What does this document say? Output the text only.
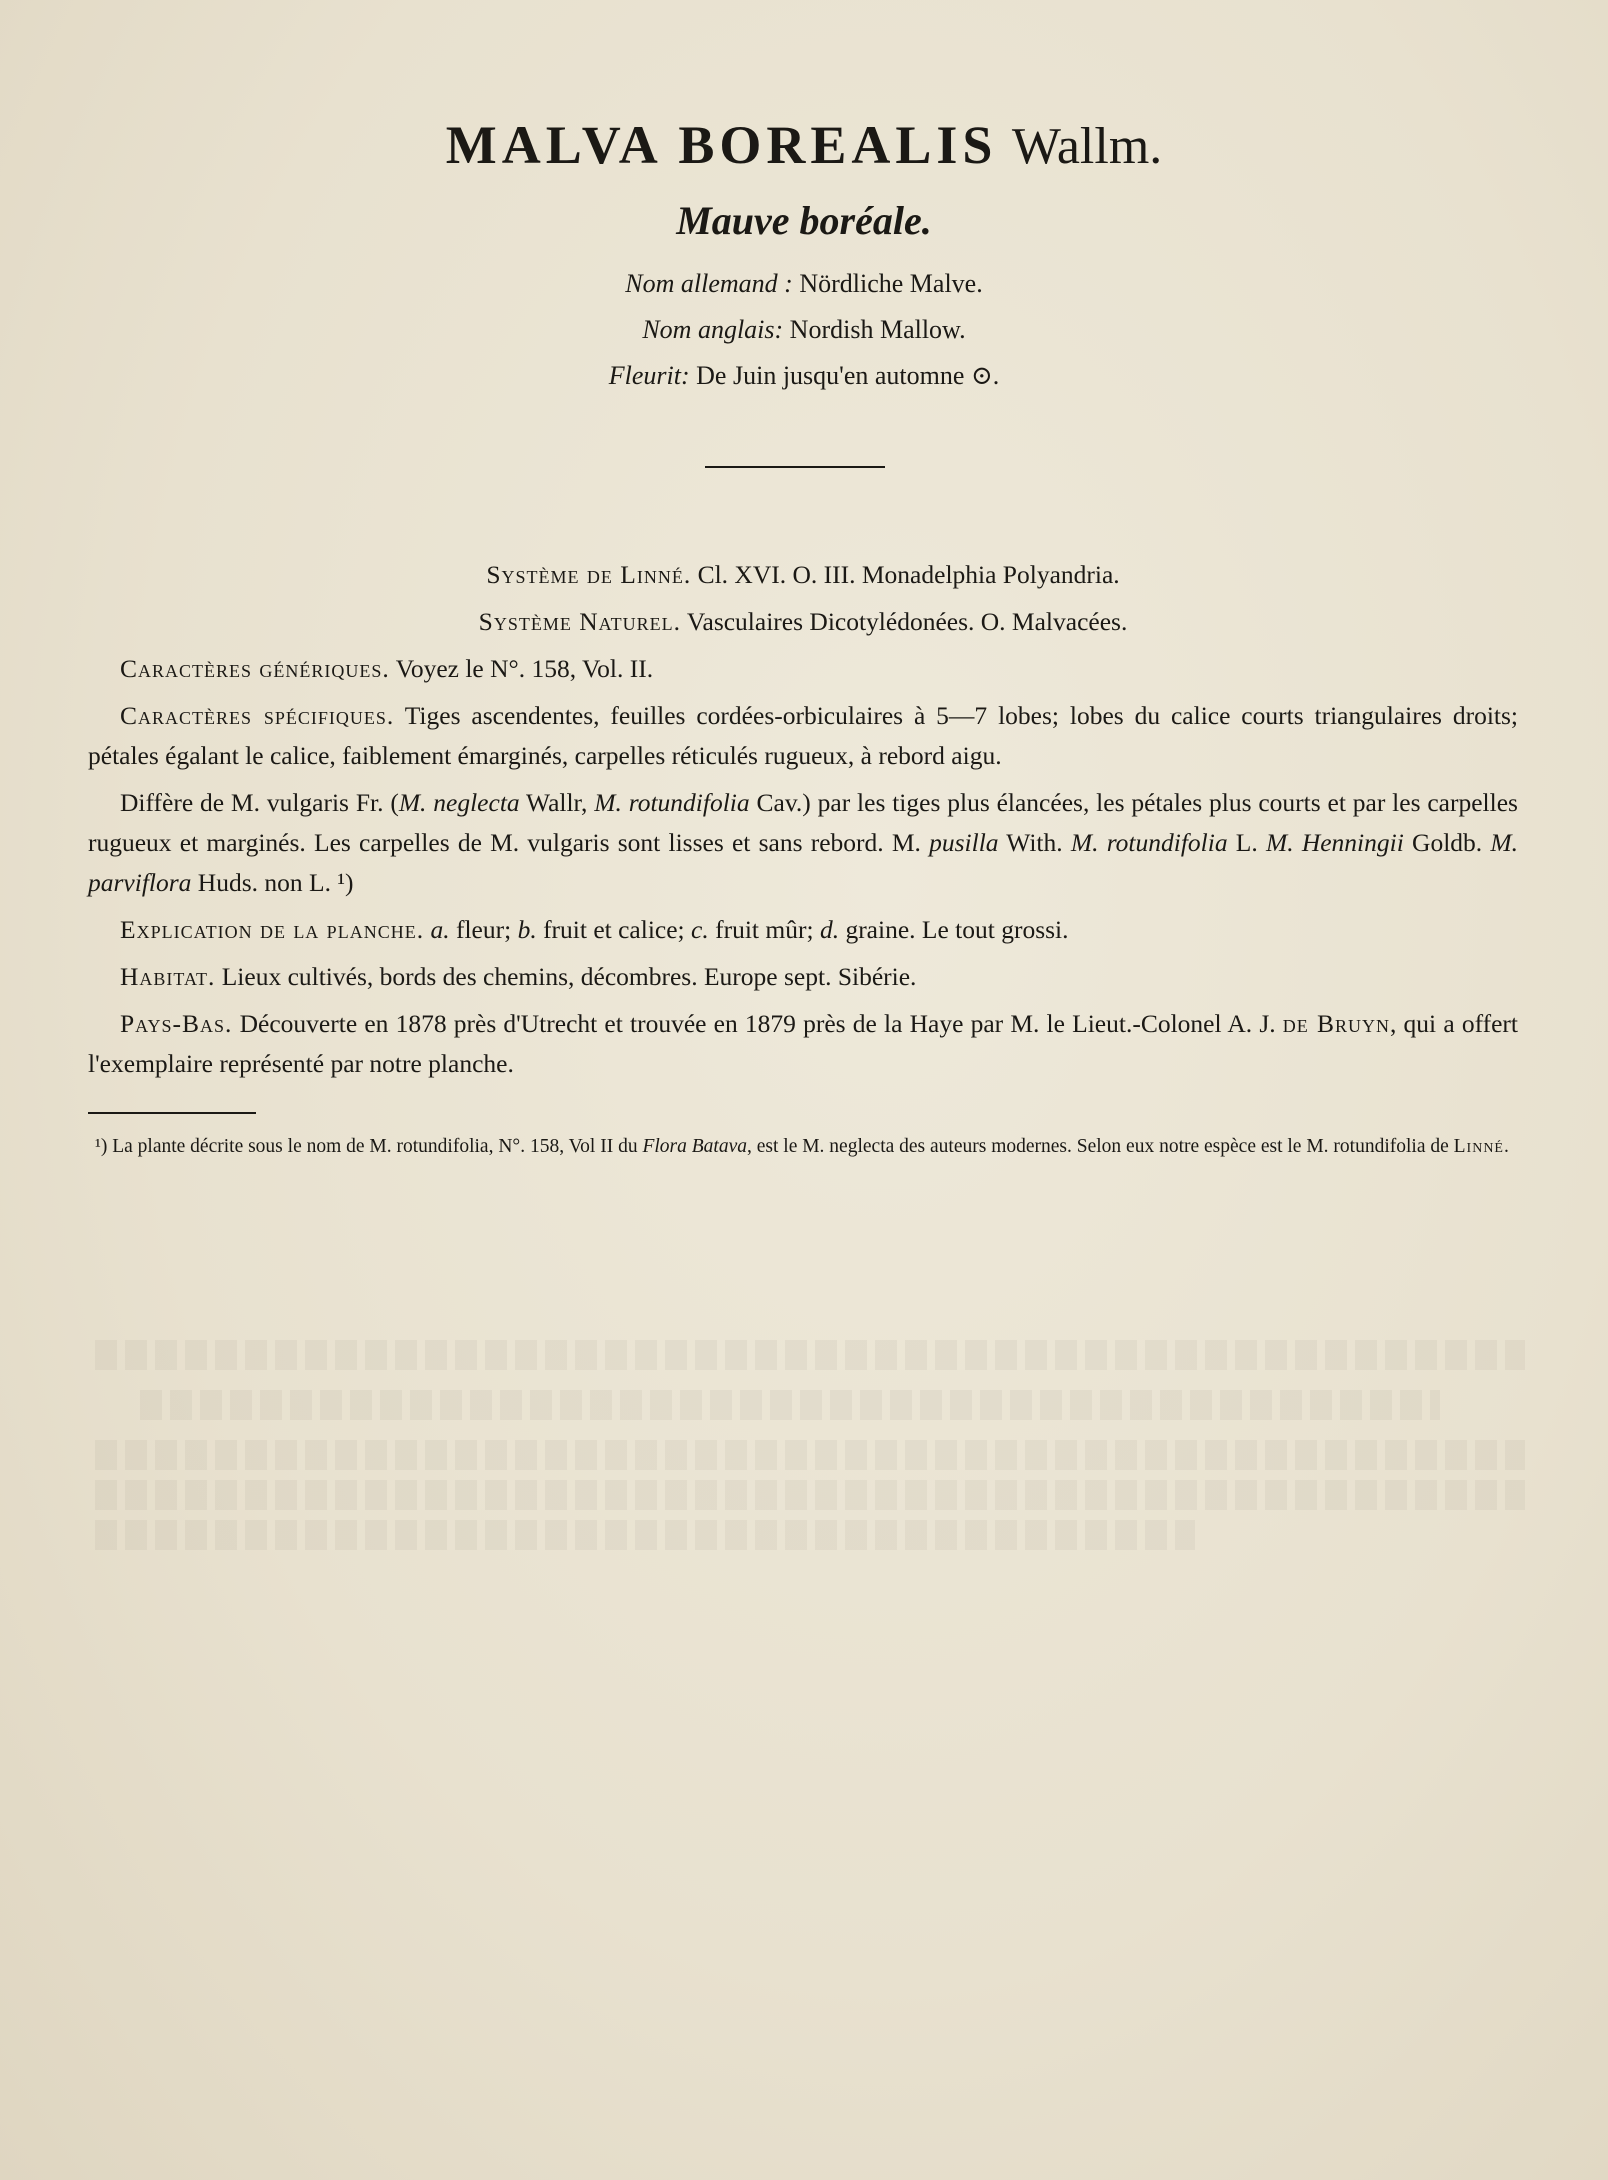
MALVA BOREALIS Wallm.
Mauve boréale.
Nom allemand : Nördliche Malve.
Nom anglais: Nordish Mallow.
Fleurit: De Juin jusqu'en automne ⊙.

Système de Linné. Cl. XVI. O. III. Monadelphia Polyandria.

Système Naturel. Vasculaires Dicotylédonées. O. Malvacées.

Caractères génériques. Voyez le N°. 158, Vol. II.

Caractères spécifiques. Tiges ascendentes, feuilles cordées-orbiculaires à 5—7 lobes; lobes du calice courts triangulaires droits; pétales égalant le calice, faiblement émarginés, carpelles réticulés rugueux, à rebord aigu.

Diffère de M. vulgaris Fr. (M. neglecta Wallr, M. rotundifolia Cav.) par les tiges plus élancées, les pétales plus courts et par les carpelles rugueux et marginés. Les carpelles de M. vulgaris sont lisses et sans rebord. M. pusilla With. M. rotundifolia L. M. Henningii Goldb. M. parviflora Huds. non L. ¹)

Explication de la planche. a. fleur; b. fruit et calice; c. fruit mûr; d. graine. Le tout grossi.

Habitat. Lieux cultivés, bords des chemins, décombres. Europe sept. Sibérie.

Pays-Bas. Découverte en 1878 près d'Utrecht et trouvée en 1879 près de la Haye par M. le Lieut.-Colonel A. J. de Bruyn, qui a offert l'exemplaire représenté par notre planche.

¹) La plante décrite sous le nom de M. rotundifolia, N°. 158, Vol II du Flora Batava, est le M. neglecta des auteurs modernes. Selon eux notre espèce est le M. rotundifolia de Linné.
